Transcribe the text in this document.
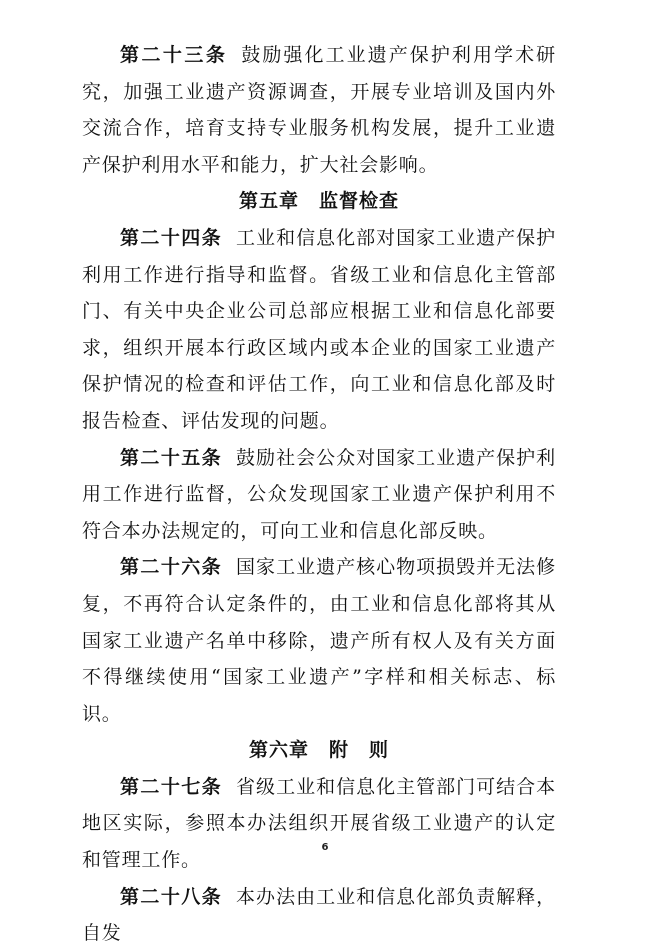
第二十三条 鼓励强化工业遗产保护利用学术研究，加强工业遗产资源调查，开展专业培训及国内外交流合作，培育支持专业服务机构发展，提升工业遗产保护利用水平和能力，扩大社会影响。

第五章 监督检查

第二十四条 工业和信息化部对国家工业遗产保护利用工作进行指导和监督。省级工业和信息化主管部门、有关中央企业公司总部应根据工业和信息化部要求，组织开展本行政区域内或本企业的国家工业遗产保护情况的检查和评估工作，向工业和信息化部及时报告检查、评估发现的问题。

第二十五条 鼓励社会公众对国家工业遗产保护利用工作进行监督，公众发现国家工业遗产保护利用不符合本办法规定的，可向工业和信息化部反映。

第二十六条 国家工业遗产核心物项损毁并无法修复，不再符合认定条件的，由工业和信息化部将其从国家工业遗产名单中移除，遗产所有权人及有关方面不得继续使用“国家工业遗产”字样和相关标志、标识。

第六章 附　则

第二十七条 省级工业和信息化主管部门可结合本地区实际，参照本办法组织开展省级工业遗产的认定和管理工作。

第二十八条 本办法由工业和信息化部负责解释，自发

6
